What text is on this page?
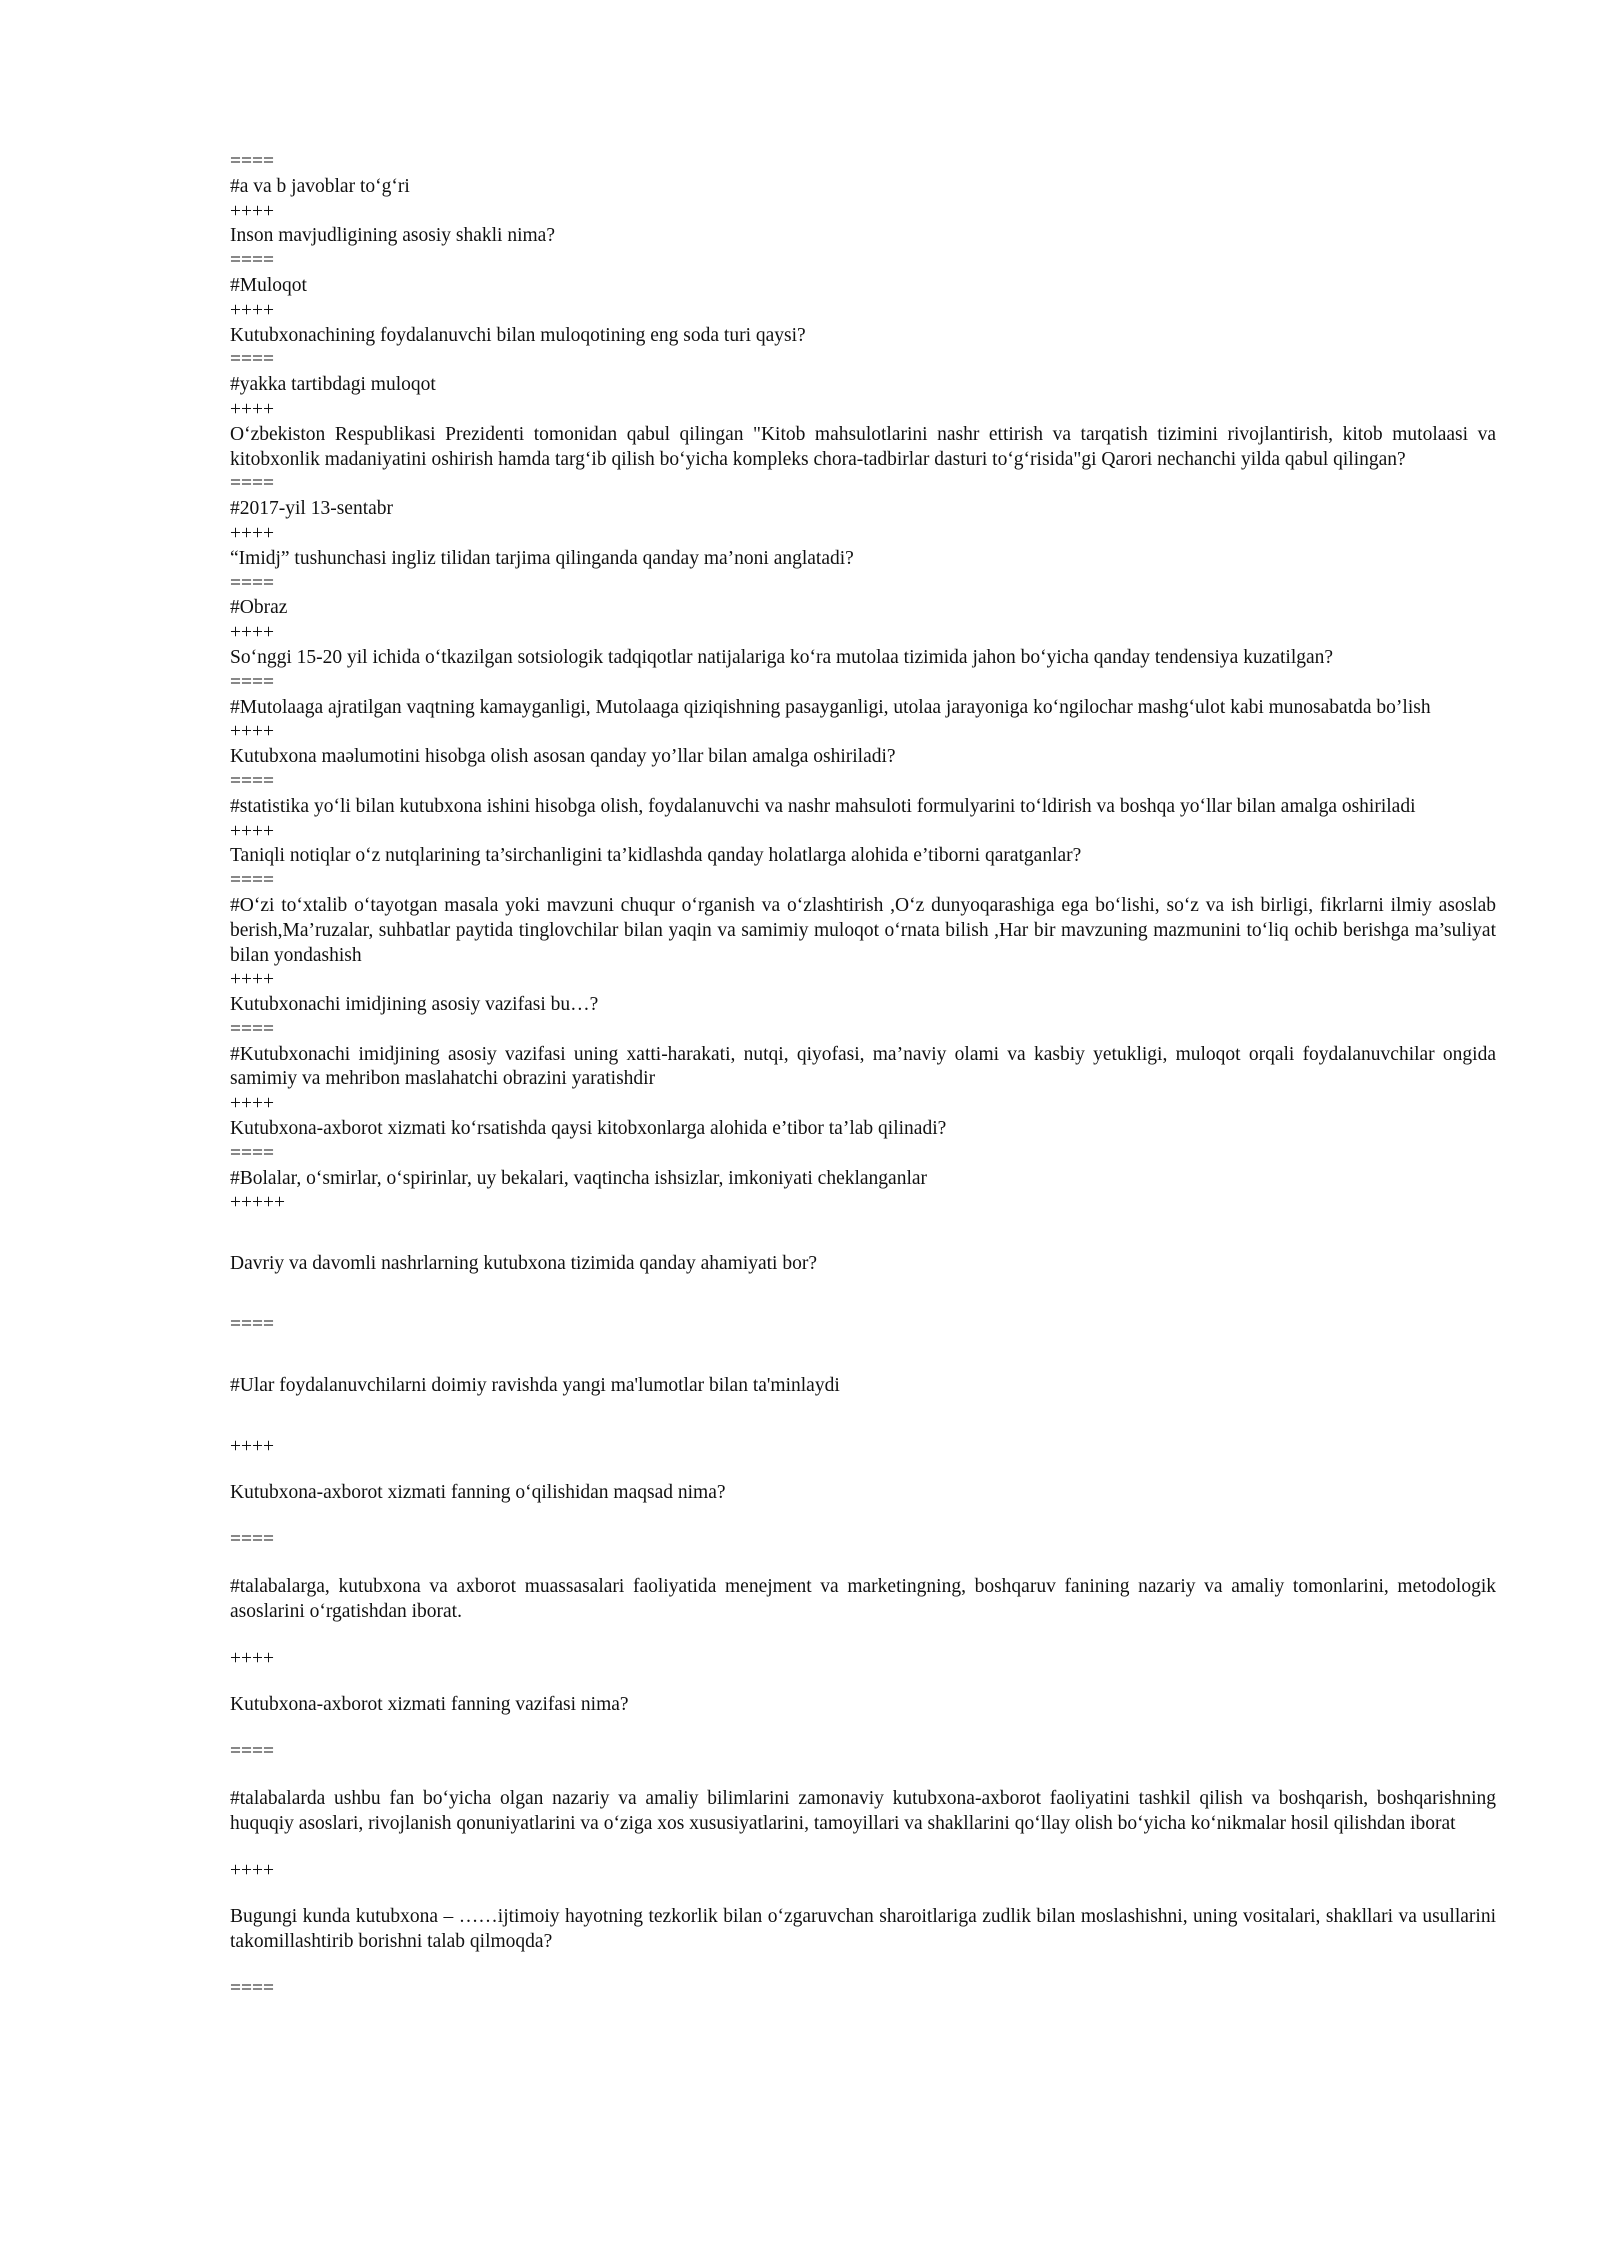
====

#a va b javoblar to‘g‘ri

++++

Inson mavjudligining asosiy shakli nima?

====

#Muloqot

++++

Kutubxonachining foydalanuvchi bilan muloqotining eng soda turi qaysi?

====

#yakka tartibdagi muloqot

++++

O‘zbekiston Respublikasi Prezidenti tomonidan qabul qilingan "Kitob mahsulotlarini nashr ettirish va tarqatish tizimini rivojlantirish, kitob mutolaasi va kitobxonlik madaniyatini oshirish hamda targ‘ib qilish bo‘yicha kompleks chora-tadbirlar dasturi to‘g‘risida"gi Qarori nechanchi yilda qabul qilingan?

====

#2017-yil 13-sentabr

++++

“Imidj” tushunchasi ingliz tilidan tarjima qilinganda qanday ma’noni anglatadi?

====

#Obraz

++++

So‘nggi 15-20 yil ichida o‘tkazilgan sotsiologik tadqiqotlar natijalariga ko‘ra mutolaa tizimida jahon bo‘yicha qanday tendensiya kuzatilgan?

====

#Mutolaaga ajratilgan vaqtning kamayganligi, Mutolaaga qiziqishning pasayganligi, utolaa jarayoniga ko‘ngilochar mashg‘ulot kabi munosabatda bo’lish

++++

Kutubxona maəlumotini hisobga olish asosan qanday yo’llar bilan amalga oshiriladi?

====

#statistika yo‘li bilan kutubxona ishini hisobga olish, foydalanuvchi va nashr mahsuloti formulyarini to‘ldirish va boshqa yo‘llar bilan amalga oshiriladi

++++

Taniqli notiqlar o‘z nutqlarining ta’sirchanligini ta’kidlashda qanday holatlarga alohida e’tiborni qaratganlar?

====

#O‘zi to‘xtalib o‘tayotgan masala yoki mavzuni chuqur o‘rganish va o‘zlashtirish ,O‘z dunyoqarashiga ega bo‘lishi, so‘z va ish birligi, fikrlarni ilmiy asoslab berish,Ma’ruzalar, suhbatlar paytida tinglovchilar bilan yaqin va samimiy muloqot o‘rnata bilish ,Har bir mavzuning mazmunini to‘liq ochib berishga ma’suliyat bilan yondashish

++++

Kutubxonachi imidjining asosiy vazifasi bu…?

====

#Kutubxonachi imidjining asosiy vazifasi uning xatti-harakati, nutqi, qiyofasi, ma’naviy olami va kasbiy yetukligi, muloqot orqali foydalanuvchilar ongida samimiy va mehribon maslahatchi obrazini yaratishdir

++++

Kutubxona-axborot xizmati ko‘rsatishda qaysi kitobxonlarga alohida e’tibor ta’lab qilinadi?

====

#Bolalar, o‘smirlar, o‘spirinlar, uy bekalari, vaqtincha ishsizlar, imkoniyati cheklanganlar

+++++

Davriy va davomli nashrlarning kutubxona tizimida qanday ahamiyati bor?

====

#Ular foydalanuvchilarni doimiy ravishda yangi ma'lumotlar bilan ta'minlaydi

++++

Kutubxona-axborot xizmati fanning o‘qilishidan maqsad nima?

====

#talabalarga, kutubxona va axborot muassasalari faoliyatida menejment va marketingning, boshqaruv fanining nazariy va amaliy tomonlarini, metodologik asoslarini o‘rgatishdan iborat.

++++

Kutubxona-axborot xizmati fanning vazifasi nima?

====

#talabalarda ushbu fan bo‘yicha olgan nazariy va amaliy bilimlarini zamonaviy kutubxona-axborot faoliyatini tashkil qilish va boshqarish, boshqarishning huquqiy asoslari, rivojlanish qonuniyatlarini va o‘ziga xos xususiyatlarini, tamoyillari va shakllarini qo‘llay olish bo‘yicha ko‘nikmalar hosil qilishdan iborat

++++

Bugungi kunda kutubxona – ……ijtimoiy hayotning tezkorlik bilan o‘zgaruvchan sharoitlariga zudlik bilan moslashishni, uning vositalari, shakllari va usullarini takomillashtirib borishni talab qilmoqda?

====
